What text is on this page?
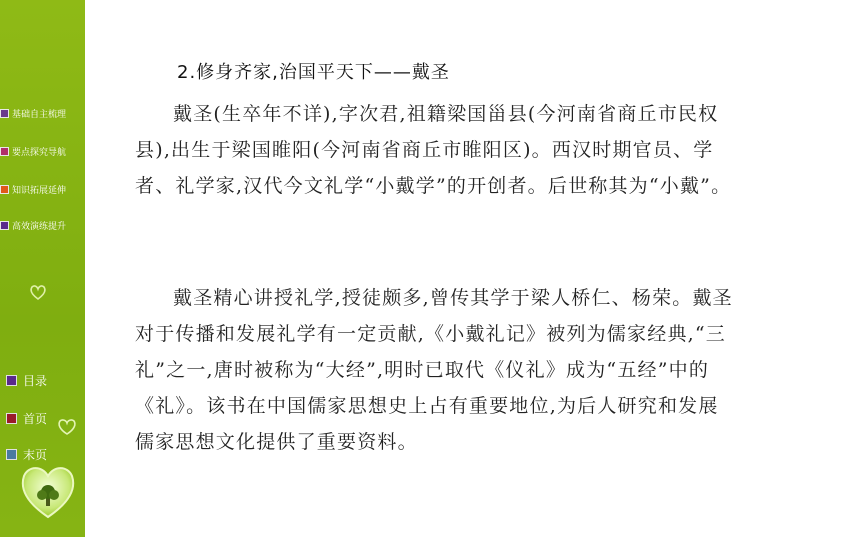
基础自主梳理
要点探究导航
知识拓展延伸
高效演练提升
目录
首页
末页
2.修身齐家,治国平天下——戴圣

戴圣(生卒年不详),字次君,祖籍梁国甾县(今河南省商丘市民权县),出生于梁国睢阳(今河南省商丘市睢阳区)。西汉时期官员、学者、礼学家,汉代今文礼学“小戴学”的开创者。后世称其为“小戴”。

戴圣精心讲授礼学,授徒颇多,曾传其学于梁人桥仁、杨荣。戴圣对于传播和发展礼学有一定贡献,《小戴礼记》被列为儒家经典,“三礼”之一,唐时被称为“大经”,明时已取代《仪礼》成为“五经”中的《礼》。该书在中国儒家思想史上占有重要地位,为后人研究和发展儒家思想文化提供了重要资料。
